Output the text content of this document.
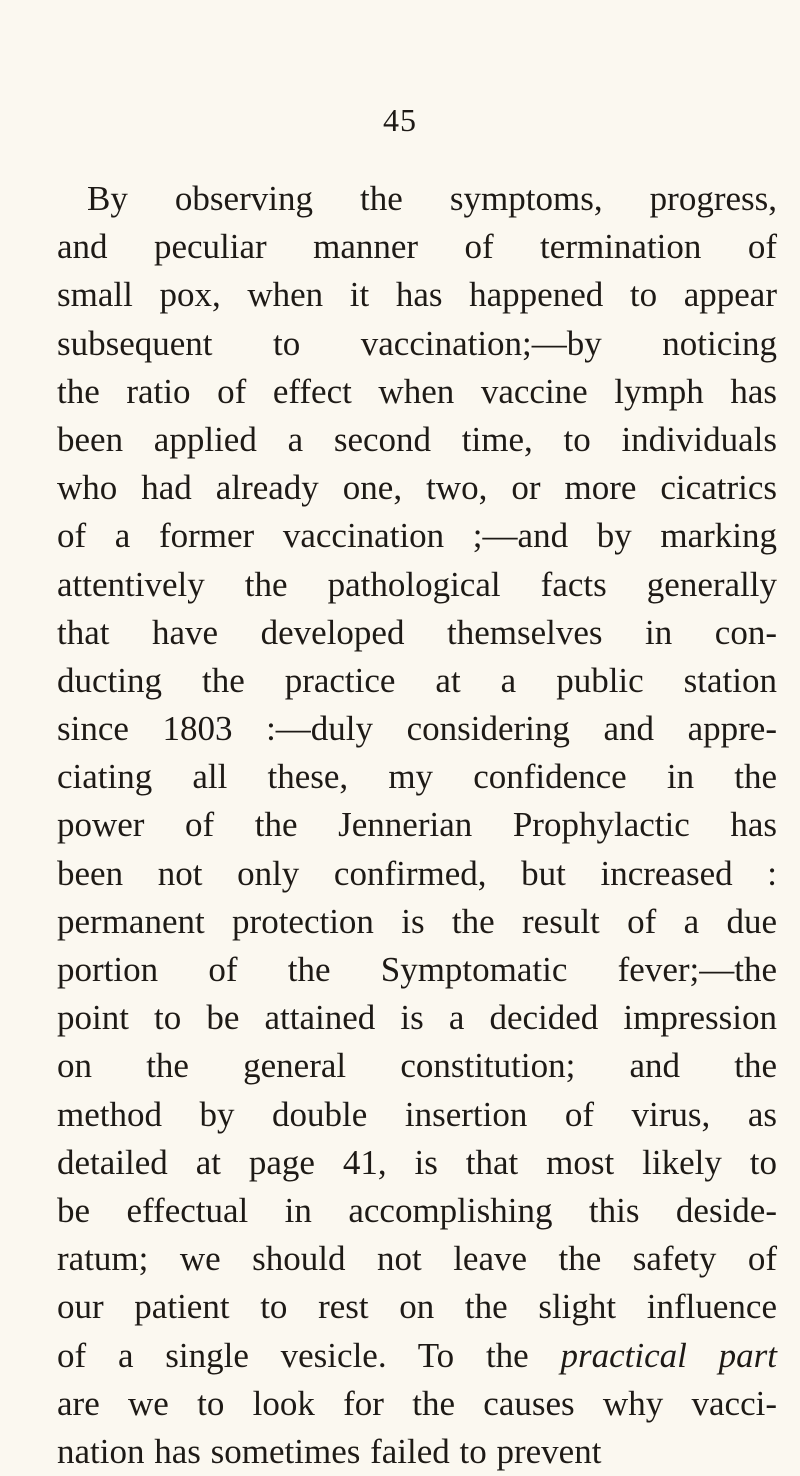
45
By observing the symptoms, progress,
and peculiar manner of termination of
small pox, when it has happened to appear
subsequent to vaccination;—by noticing
the ratio of effect when vaccine lymph has
been applied a second time, to individuals
who had already one, two, or more cicatrics
of a former vaccination ;—and by marking
attentively the pathological facts generally
that have developed themselves in con-
ducting the practice at a public station
since 1803 :—duly considering and appre-
ciating all these, my confidence in the
power of the Jennerian Prophylactic has
been not only confirmed, but increased :
permanent protection is the result of a due
portion of the Symptomatic fever;—the
point to be attained is a decided impression
on the general constitution; and the
method by double insertion of virus, as
detailed at page 41, is that most likely to
be effectual in accomplishing this deside-
ratum; we should not leave the safety of
our patient to rest on the slight influence
of a single vesicle. To the practical part
are we to look for the causes why vacci-
nation has sometimes failed to prevent
